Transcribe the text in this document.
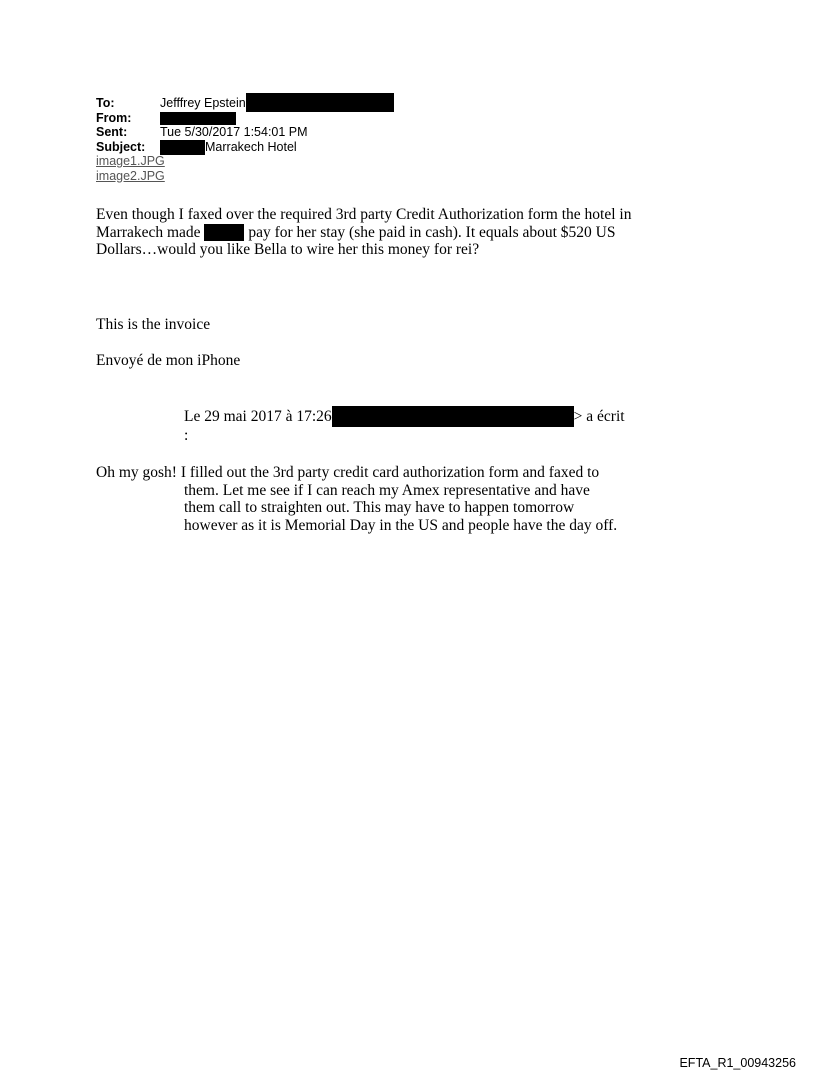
To:	Jefffrey Epstein
From:
Sent:	Tue 5/30/2017 1:54:01 PM
Subject:	Marrakech Hotel
image1.JPG
image2.JPG
Even though I faxed over the required 3rd party Credit Authorization form the hotel in
Marrakech made	pay for her stay (she paid in cash). It equals about $520 US
Dollars…would you like Bella to wire her this money for rei?
This is the invoice
Envoyé de mon iPhone
Le 29 mai 2017 à 17:26	> a écrit
:
Oh my gosh! I filled out the 3rd party credit card authorization form and faxed to
them. Let me see if I can reach my Amex representative and have
them call to straighten out. This may have to happen tomorrow
however as it is Memorial Day in the US and people have the day off.
EFTA_R1_00943256
